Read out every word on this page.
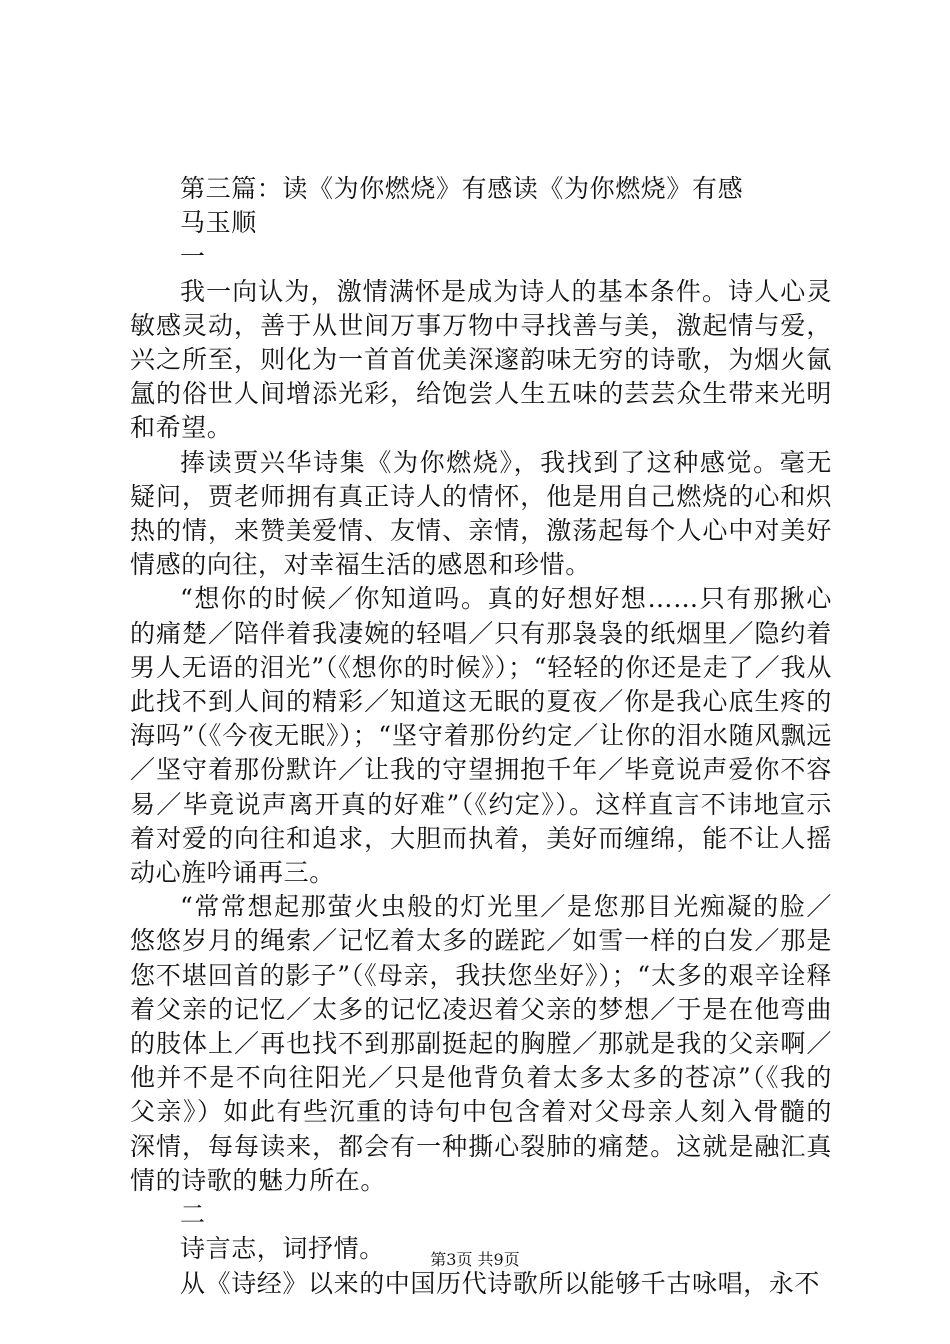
第三篇：读《为你燃烧》有感读《为你燃烧》有感

马玉顺

一

我一向认为，激情满怀是成为诗人的基本条件。诗人心灵敏感灵动，善于从世间万事万物中寻找善与美，激起情与爱，兴之所至，则化为一首首优美深邃韵味无穷的诗歌，为烟火氤氲的俗世人间增添光彩，给饱尝人生五味的芸芸众生带来光明和希望。

捧读贾兴华诗集《为你燃烧》，我找到了这种感觉。毫无疑问，贾老师拥有真正诗人的情怀，他是用自己燃烧的心和炽热的情，来赞美爱情、友情、亲情，激荡起每个人心中对美好情感的向往，对幸福生活的感恩和珍惜。

“想你的时候／你知道吗。真的好想好想……只有那揪心的痛楚／陪伴着我凄婉的轻唱／只有那袅袅的纸烟里／隐约着男人无语的泪光”（《想你的时候》）；“轻轻的你还是走了／我从此找不到人间的精彩／知道这无眠的夏夜／你是我心底生疼的海吗”（《今夜无眠》）；“坚守着那份约定／让你的泪水随风飘远／坚守着那份默许／让我的守望拥抱千年／毕竟说声爱你不容易／毕竟说声离开真的好难”（《约定》）。这样直言不讳地宣示着对爱的向往和追求，大胆而执着，美好而缠绵，能不让人摇动心旌吟诵再三。

“常常想起那萤火虫般的灯光里／是您那目光痴凝的脸／悠悠岁月的绳索／记忆着太多的蹉跎／如雪一样的白发／那是您不堪回首的影子”（《母亲，我扶您坐好》）；“太多的艰辛诠释着父亲的记忆／太多的记忆凌迟着父亲的梦想／于是在他弯曲的肢体上／再也找不到那副挺起的胸膛／那就是我的父亲啊／他并不是不向往阳光／只是他背负着太多太多的苍凉”（《我的父亲》）如此有些沉重的诗句中包含着对父母亲人刻入骨髓的深情，每每读来，都会有一种撕心裂肺的痛楚。这就是融汇真情的诗歌的魅力所在。

二

诗言志，词抒情。

从《诗经》以来的中国历代诗歌所以能够千古咏唱，永不

第3页 共9页
